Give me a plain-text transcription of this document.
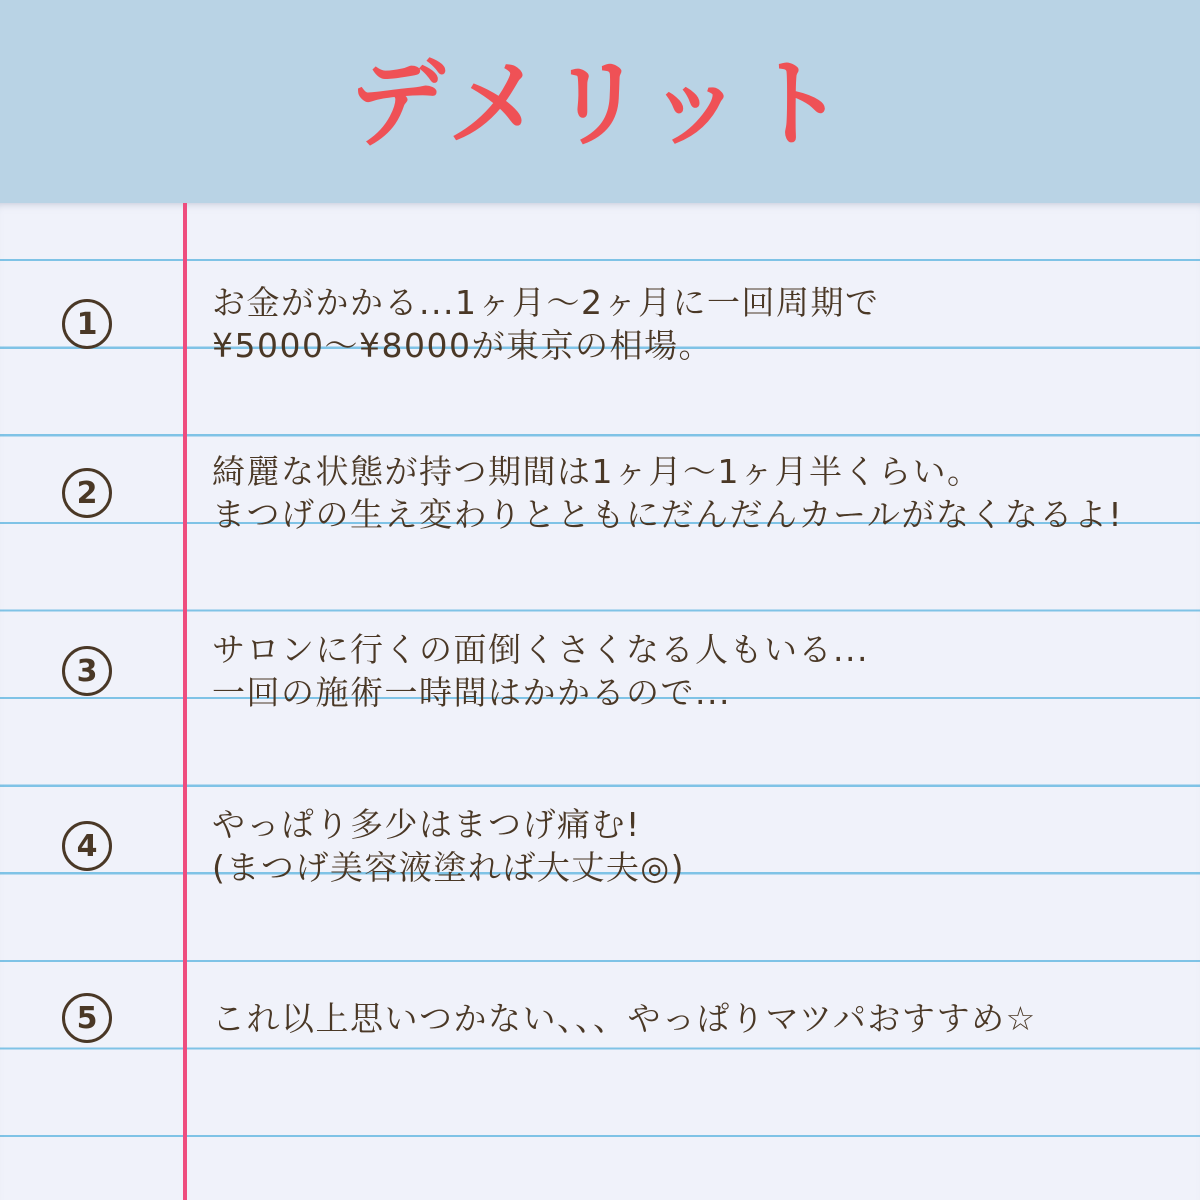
デメリット
1
お金がかかる...1ヶ月〜2ヶ月に一回周期で
¥5000〜¥8000が東京の相場。
2
綺麗な状態が持つ期間は1ヶ月〜1ヶ月半くらい。
まつげの生え変わりとともにだんだんカールがなくなるよ!
3
サロンに行くの面倒くさくなる人もいる...
一回の施術一時間はかかるので...
4
やっぱり多少はまつげ痛む!
(まつげ美容液塗れば大丈夫◎)
5	これ以上思いつかない、、、やっぱりマツパおすすめ☆
